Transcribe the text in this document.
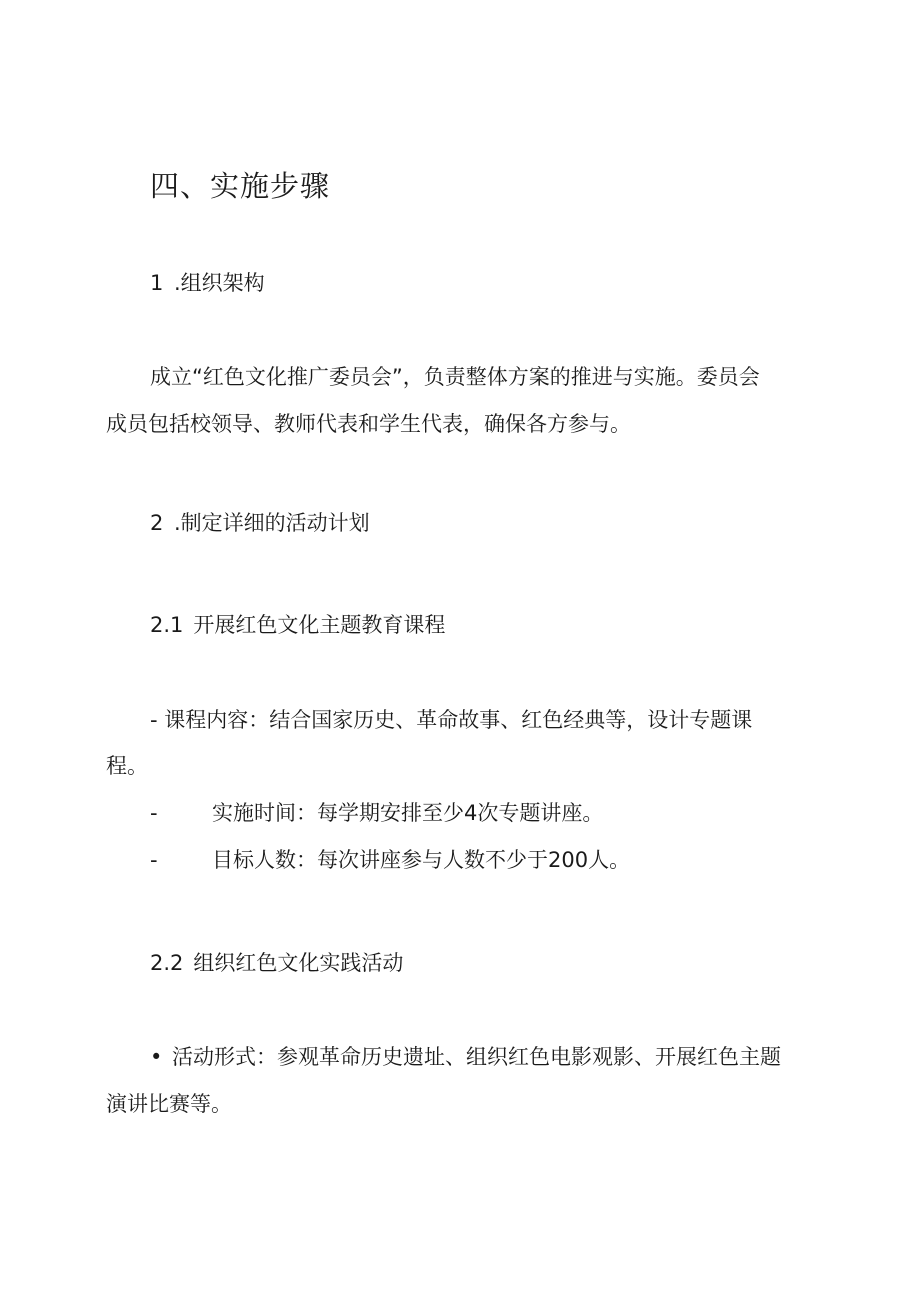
四、实施步骤
1 .组织架构
成立“红色文化推广委员会”，负责整体方案的推进与实施。委员会
成员包括校领导、教师代表和学生代表，确保各方参与。
2 .制定详细的活动计划
2.1 开展红色文化主题教育课程
- 课程内容：结合国家历史、革命故事、红色经典等，设计专题课
程。
-	实施时间：每学期安排至少4次专题讲座。
-	目标人数：每次讲座参与人数不少于200人。
2.2 组织红色文化实践活动
• 活动形式：参观革命历史遗址、组织红色电影观影、开展红色主题
演讲比赛等。
